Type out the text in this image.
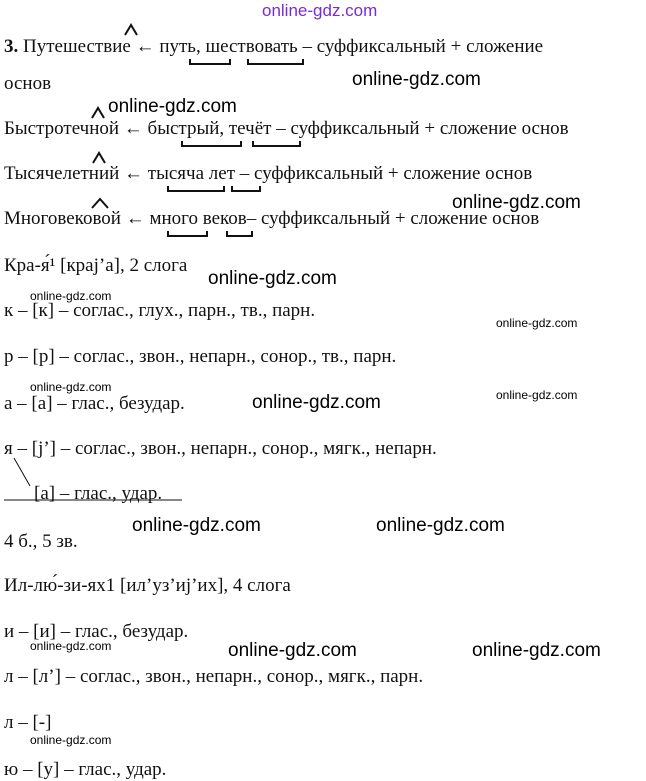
online-gdz.com
3. Путешествие ← путь, шествовать – суффиксальный + сложение
основ
Быстротечной ← быстрый, течёт – суффиксальный + сложение основ
Тысячелетний ← тысяча лет – суффиксальный + сложение основ
Многовековой ← много веков– суффиксальный + сложение основ
Кра-я́¹ [кpaj’a], 2 слога
к – [к] – соглас., глух., парн., тв., парн.
р – [р] – соглас., звон., непарн., сонор., тв., парн.
а – [а] – глас., безудар.
я – [j’] – соглас., звон., непарн., сонор., мягк., непарн.
[а] – глас., удар.
4 б., 5 зв.
Ил-лю́-зи-ях1 [ил’уз’иj’их], 4 слога
и – [и] – глас., безудар.
л – [л’] – соглас., звон., непарн., сонор., мягк., парн.
л – [-]
ю – [у] – глас., удар.
online-gdz.com
online-gdz.com
online-gdz.com
online-gdz.com
online-gdz.com
online-gdz.com	online-gdz.com
online-gdz.com	online-gdz.com
online-gdz.com
online-gdz.com
online-gdz.com
online-gdz.com
online-gdz.com
online-gdz.com
